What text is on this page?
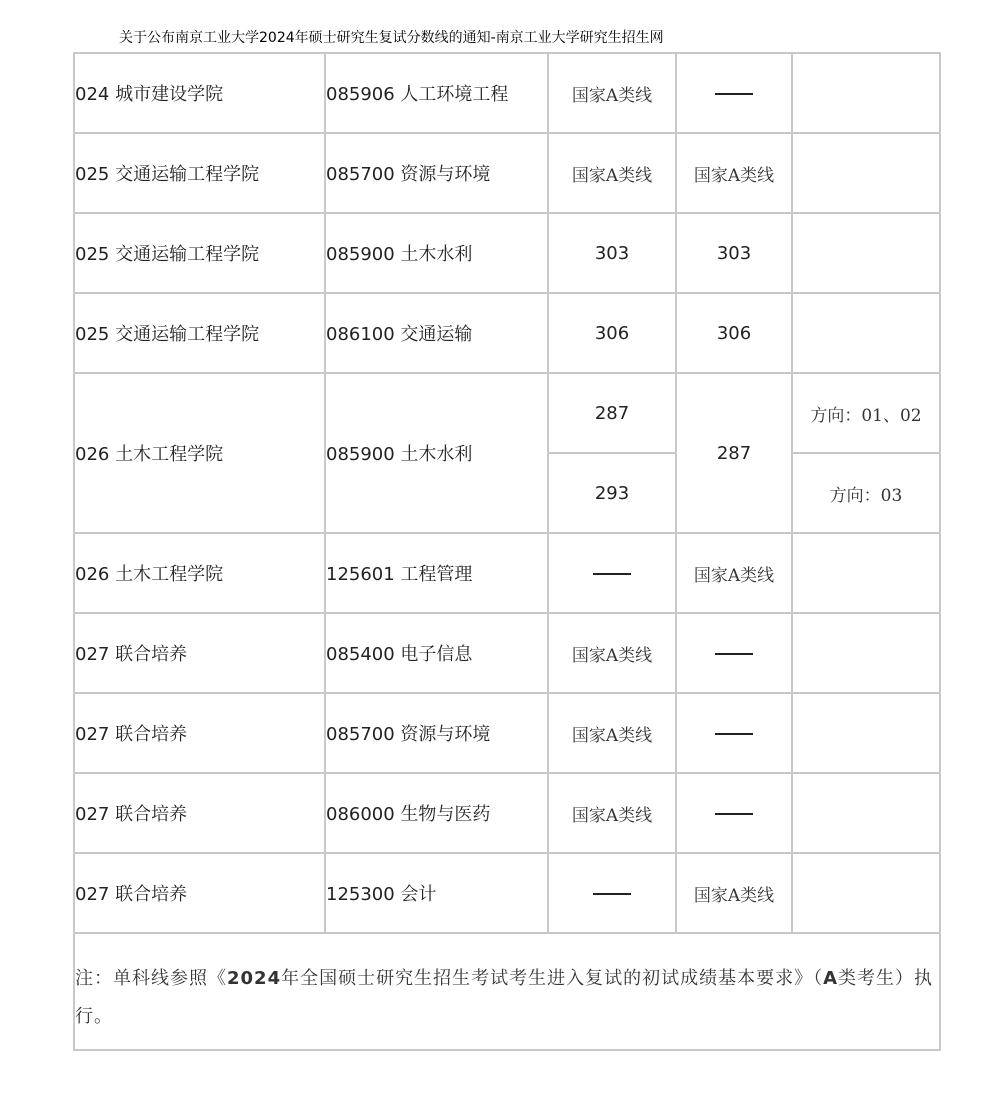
关于公布南京工业大学2024年硕士研究生复试分数线的通知-南京工业大学研究生招生网
024 城市建设学院	085906 人工环境工程	国家A类线		
025 交通运输工程学院	085700 资源与环境	国家A类线	国家A类线	
025 交通运输工程学院	085900 土木水利	303	303	
025 交通运输工程学院	086100 交通运输	306	306	
026 土木工程学院	085900 土木水利	287	287	方向：01、02
		293		方向：03
026 土木工程学院	125601 工程管理		国家A类线	
027 联合培养	085400 电子信息	国家A类线		
027 联合培养	085700 资源与环境	国家A类线		
027 联合培养	086000 生物与医药	国家A类线		
027 联合培养	125300 会计		国家A类线	

注：单科线参照《2024年全国硕士研究生招生考试考生进入复试的初试成绩基本要求》（A类考生）执行。				
